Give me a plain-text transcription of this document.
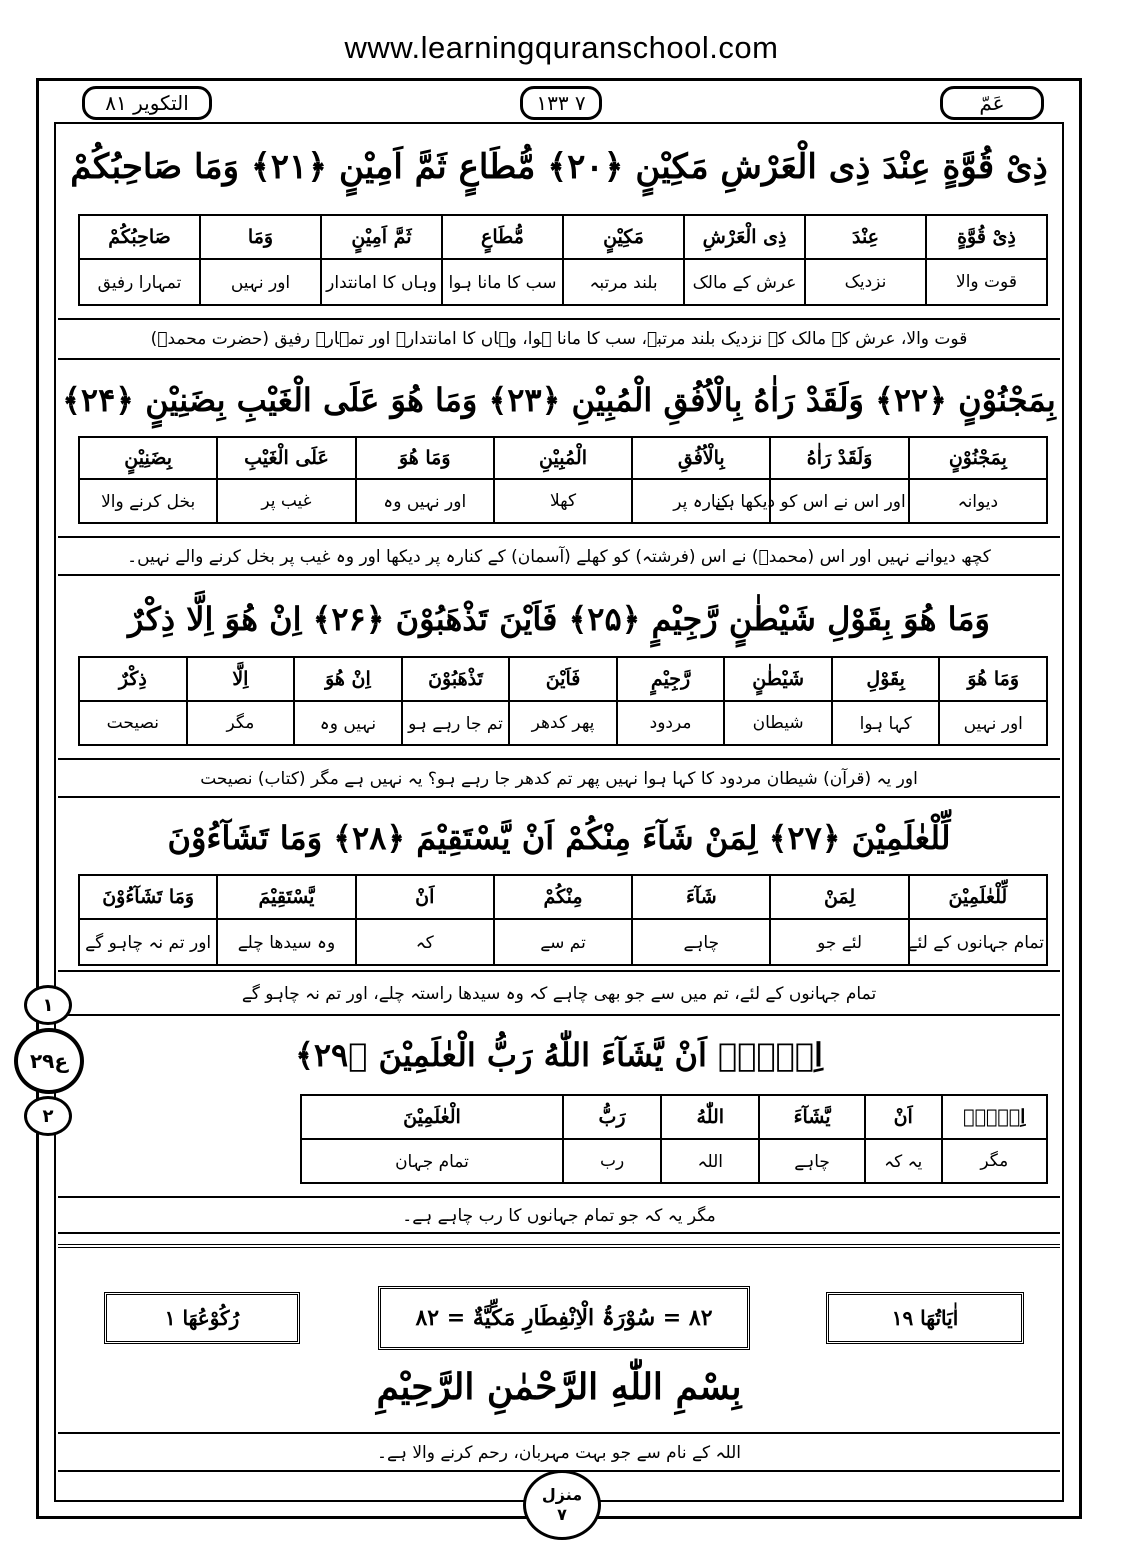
www.learningquranschool.com
التکویر ۸۱	۷ ۱۳۳	عَمّ
ذِیْ قُوَّةٍ عِنْدَ ذِی الْعَرْشِ مَکِیْنٍ ﴿۲۰﴾ مُّطَاعٍ ثَمَّ اَمِیْنٍ ﴿۲۱﴾ وَمَا صَاحِبُکُمْ
ذِیْ قُوَّةٍ	عِنْدَ	ذِی الْعَرْشِ	مَکِیْنٍ	مُّطَاعٍ	ثَمَّ اَمِیْنٍ	وَمَا	صَاحِبُکُمْ
قوت والا	نزدیک	عرش کے مالک	بلند مرتبہ	سب کا مانا ہوا	وہاں کا امانتدار	اور نہیں	تمہارا رفیق
قوت والا، عرش کے مالک کے نزدیک بلند مرتبہ، سب کا مانا ہوا، وہاں کا امانتدار۔ اور تمہارے رفیق (حضرت محمدؐ)
بِمَجْنُوْنٍ ﴿۲۲﴾ وَلَقَدْ رَاٰهُ بِالْاُفُقِ الْمُبِیْنِ ﴿۲۳﴾ وَمَا هُوَ عَلَی الْغَیْبِ بِضَنِیْنٍ ﴿۲۴﴾
بِمَجْنُوْنٍ	وَلَقَدْ رَاٰهُ	بِالْاُفُقِ	الْمُبِیْنِ	وَمَا هُوَ	عَلَی الْغَیْبِ	بِضَنِیْنٍ
دیوانہ	اور اس نے اس کو دیکھا ہے	کنارہ پر	کھلا	اور نہیں وہ	غیب پر	بخل کرنے والا
کچھ دیوانے نہیں اور اس (محمدؐ) نے اس (فرشتہ) کو کھلے (آسمان) کے کنارہ پر دیکھا اور وہ غیب پر بخل کرنے والے نہیں۔
وَمَا هُوَ بِقَوْلِ شَیْطٰنٍ رَّجِیْمٍ ﴿۲۵﴾ فَاَیْنَ تَذْهَبُوْنَ ﴿۲۶﴾ اِنْ هُوَ اِلَّا ذِكْرٌ
وَمَا هُوَ	بِقَوْلِ	شَیْطٰنٍ	رَّجِیْمٍ	فَاَیْنَ	تَذْهَبُوْنَ	اِنْ هُوَ	اِلَّا	ذِكْرٌ
اور نہیں	کہا ہوا	شیطان	مردود	پھر کدھر	تم جا رہے ہو	نہیں وہ	مگر	نصیحت
اور یہ (قرآن) شیطان مردود کا کہا ہوا نہیں پھر تم کدھر جا رہے ہو؟ یہ نہیں ہے مگر (کتاب) نصیحت
لِّلْعٰلَمِیْنَ ﴿۲۷﴾ لِمَنْ شَآءَ مِنْكُمْ اَنْ یَّسْتَقِیْمَ ﴿۲۸﴾ وَمَا تَشَآءُوْنَ
لِّلْعٰلَمِیْنَ	لِمَنْ	شَآءَ	مِنْكُمْ	اَنْ	یَّسْتَقِیْمَ	وَمَا تَشَآءُوْنَ
تمام جہانوں کے لئے	لئے جو	چاہے	تم سے	کہ	وہ سیدھا چلے	اور تم نہ چاہو گے
تمام جہانوں کے لئے، تم میں سے جو بھی چاہے کہ وہ سیدھا راستہ چلے، اور تم نہ چاہو گے
۱
ع۲۹
۲
اِلَّاۤ اَنْ یَّشَآءَ اللّٰهُ رَبُّ الْعٰلَمِیْنَ ﴿۲۹﴾
اِلَّاۤ	اَنْ	یَّشَآءَ	اللّٰهُ	رَبُّ	الْعٰلَمِیْنَ
مگر	یہ کہ	چاہے	اللہ	رب	تمام جہان
مگر یہ کہ جو تمام جہانوں کا رب چاہے ہے۔
اٰیَاتُهَا ۱۹
۸۲ = سُوْرَۃُ الْاِنْفِطَارِ مَکِّیَّةٌ = ۸۲
رُکُوْعُهَا ۱
بِسْمِ اللّٰهِ الرَّحْمٰنِ الرَّحِیْمِ
اللہ کے نام سے جو بہت مہربان، رحم کرنے والا ہے۔
منزل
۷
